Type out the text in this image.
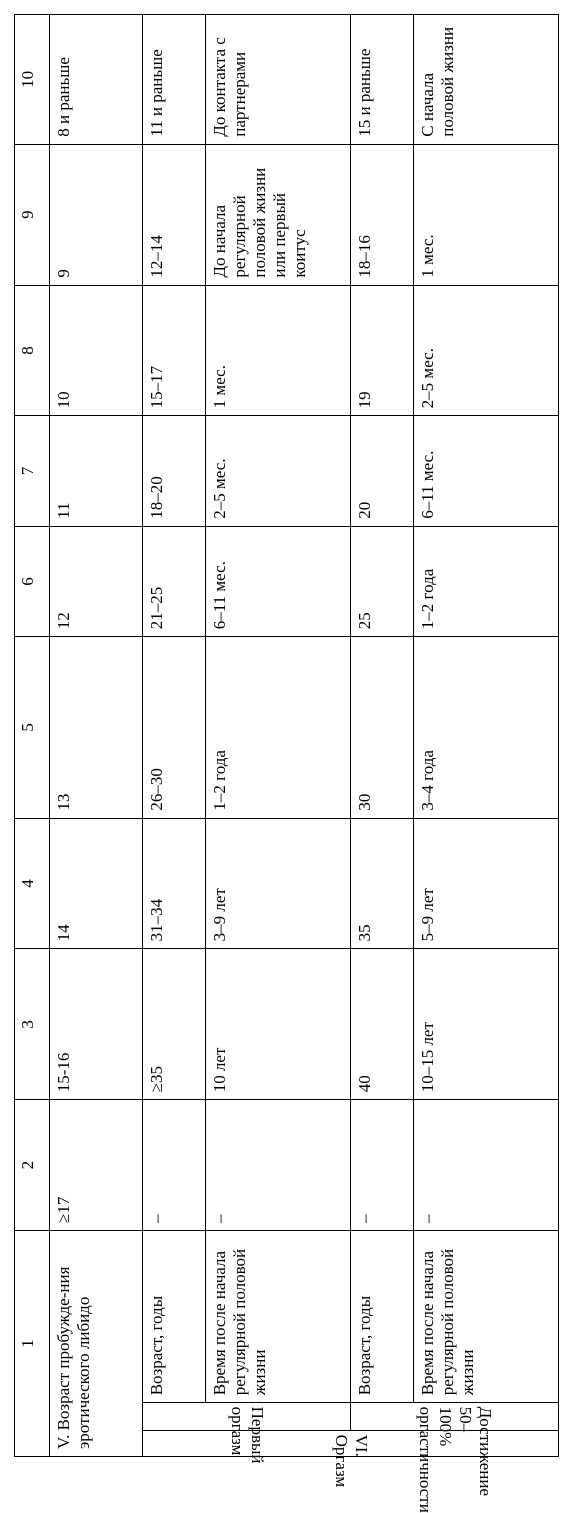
1			2	3	4	5	6	7	8	9	10
V. Возраст пробужде-ния эротического либидо			≥17	15-16	14	13	12	11	10	9	8 и раньше

VI. Оргазм	Первый оргазм	Возраст, годы	–	≥35	31–34	26–30	21–25	18–20	15–17	12–14	11 и раньше
		Время после начала регулярной половой жизни	–	10 лет	3–9 лет	1–2 года	6–11 мес.	2–5 мес.	1 мес.	До начала регулярной половой жизни или первый коитус	До контакта с партнерами

	Достижение 50–100% оргастичности	Возраст, годы	–	40	35	30	25	20	19	18–16	15 и раньше
		Время после начала регулярной половой жизни	–	10–15 лет	5–9 лет	3–4 года	1–2 года	6–11 мес.	2–5 мес.	1 мес.	С начала половой жизни
